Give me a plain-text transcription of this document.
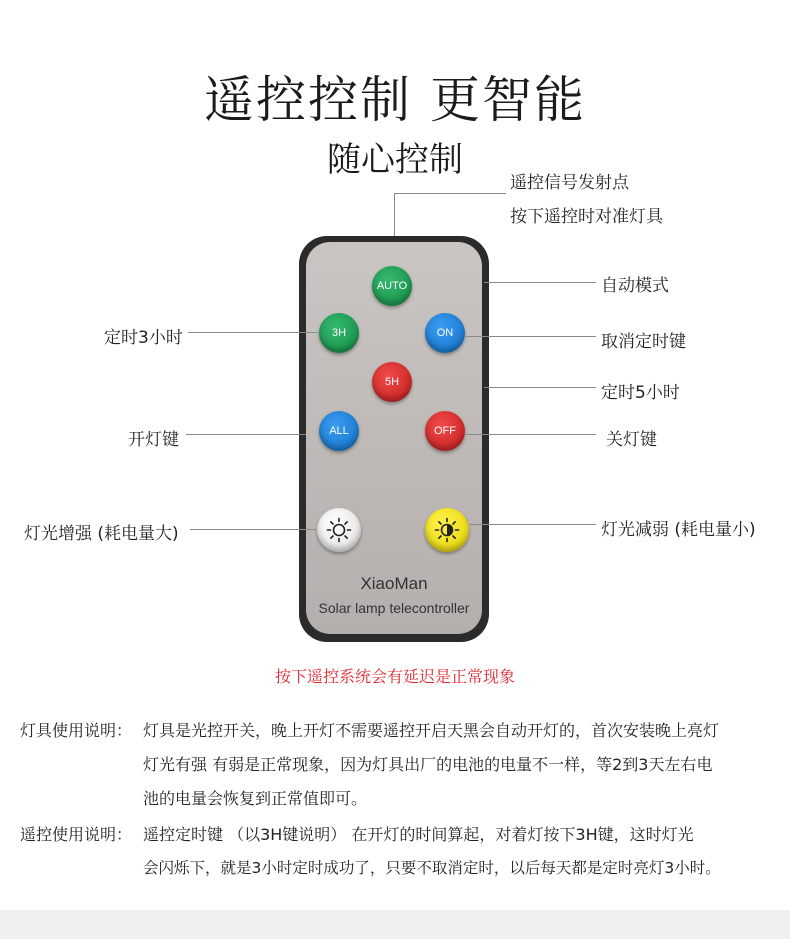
遥控控制 更智能
随心控制
遥控信号发射点
按下遥控时对准灯具
AUTO
3H	ON
5H
ALL	OFF
XiaoMan
Solar lamp telecontroller
自动模式
取消定时键
定时5小时
关灯键
灯光减弱 (耗电量小)
定时3小时
开灯键
灯光增强 (耗电量大)
按下遥控系统会有延迟是正常现象
灯具使用说明： 灯具是光控开关，晚上开灯不需要遥控开启天黑会自动开灯的，首次安装晚上亮灯
灯光有强 有弱是正常现象，因为灯具出厂的电池的电量不一样，等2到3天左右电
池的电量会恢复到正常值即可。
遥控使用说明： 遥控定时键 （以3H键说明） 在开灯的时间算起，对着灯按下3H键，这时灯光
会闪烁下，就是3小时定时成功了，只要不取消定时，以后每天都是定时亮灯3小时。
